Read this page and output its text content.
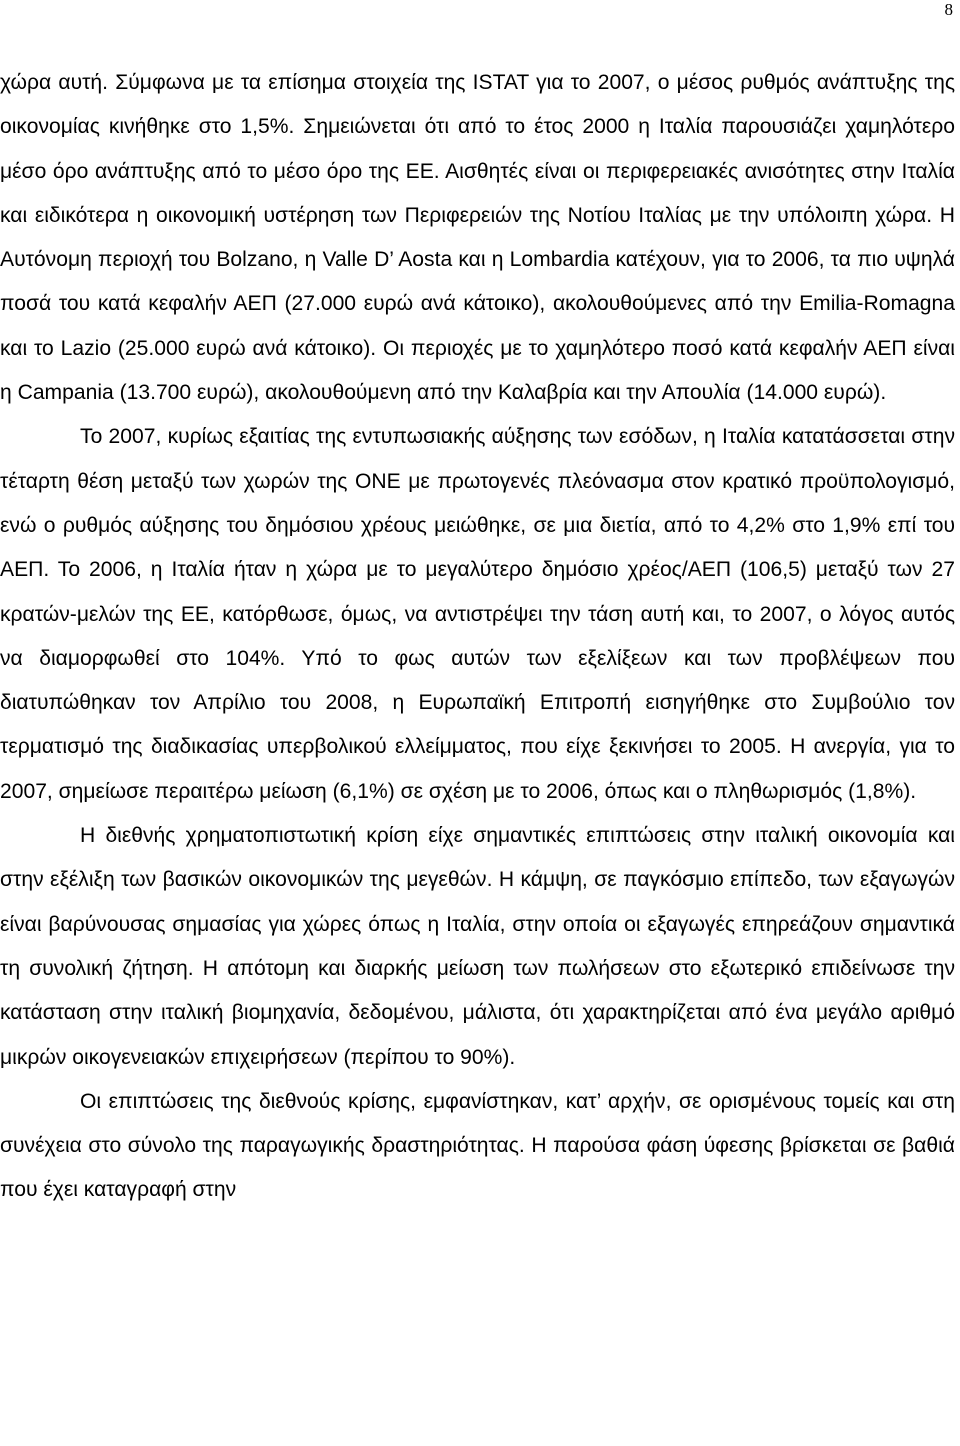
8

χώρα αυτή. Σύμφωνα με τα επίσημα στοιχεία της ISTAT για το 2007, ο μέσος ρυθμός ανάπτυξης της οικονομίας κινήθηκε στο 1,5%. Σημειώνεται ότι από το έτος 2000 η Ιταλία παρουσιάζει χαμηλότερο μέσο όρο ανάπτυξης από το μέσο όρο της ΕΕ. Αισθητές είναι οι περιφερειακές ανισότητες στην Ιταλία και ειδικότερα η οικονομική υστέρηση των Περιφερειών της Νοτίου Ιταλίας με την υπόλοιπη χώρα. Η Αυτόνομη περιοχή του Bolzano, η Valle D’ Aosta και η Lombardia κατέχουν, για το 2006, τα πιο υψηλά ποσά του κατά κεφαλήν ΑΕΠ (27.000 ευρώ ανά κάτοικο), ακολουθούμενες από την Emilia-Romagna και το Lazio (25.000 ευρώ ανά κάτοικο). Οι περιοχές με το χαμηλότερο ποσό κατά κεφαλήν ΑΕΠ είναι η Campania (13.700 ευρώ), ακολουθούμενη από την Καλαβρία και την Απουλία (14.000 ευρώ).

Το 2007, κυρίως εξαιτίας της εντυπωσιακής αύξησης των εσόδων, η Ιταλία κατατάσσεται στην τέταρτη θέση μεταξύ των χωρών της ΟΝΕ με πρωτογενές πλεόνασμα στον κρατικό προϋπολογισμό, ενώ ο ρυθμός αύξησης του δημόσιου χρέους μειώθηκε, σε μια διετία, από το 4,2% στο 1,9% επί του ΑΕΠ. Το 2006, η Ιταλία ήταν η χώρα με το μεγαλύτερο δημόσιο χρέος/ΑΕΠ (106,5) μεταξύ των 27 κρατών-μελών της ΕΕ, κατόρθωσε, όμως, να αντιστρέψει την τάση αυτή και, το 2007, ο λόγος αυτός να διαμορφωθεί στο 104%. Υπό το φως αυτών των εξελίξεων και των προβλέψεων που διατυπώθηκαν τον Απρίλιο του 2008, η Ευρωπαϊκή Επιτροπή εισηγήθηκε στο Συμβούλιο τον τερματισμό της διαδικασίας υπερβολικού ελλείμματος, που είχε ξεκινήσει το 2005. Η ανεργία, για το 2007, σημείωσε περαιτέρω μείωση (6,1%) σε σχέση με το 2006, όπως και ο πληθωρισμός (1,8%).

Η διεθνής χρηματοπιστωτική κρίση είχε σημαντικές επιπτώσεις στην ιταλική οικονομία και στην εξέλιξη των βασικών οικονομικών της μεγεθών. Η κάμψη, σε παγκόσμιο επίπεδο, των εξαγωγών είναι βαρύνουσας σημασίας για χώρες όπως η Ιταλία, στην οποία οι εξαγωγές επηρεάζουν σημαντικά τη συνολική ζήτηση. Η απότομη και διαρκής μείωση των πωλήσεων στο εξωτερικό επιδείνωσε την κατάσταση στην ιταλική βιομηχανία, δεδομένου, μάλιστα, ότι χαρακτηρίζεται από ένα μεγάλο αριθμό μικρών οικογενειακών επιχειρήσεων (περίπου το 90%).

Οι επιπτώσεις της διεθνούς κρίσης, εμφανίστηκαν, κατ’ αρχήν, σε ορισμένους τομείς και στη συνέχεια στο σύνολο της παραγωγικής δραστηριότητας. Η παρούσα φάση ύφεσης βρίσκεται σε βαθιά που έχει καταγραφή στην
